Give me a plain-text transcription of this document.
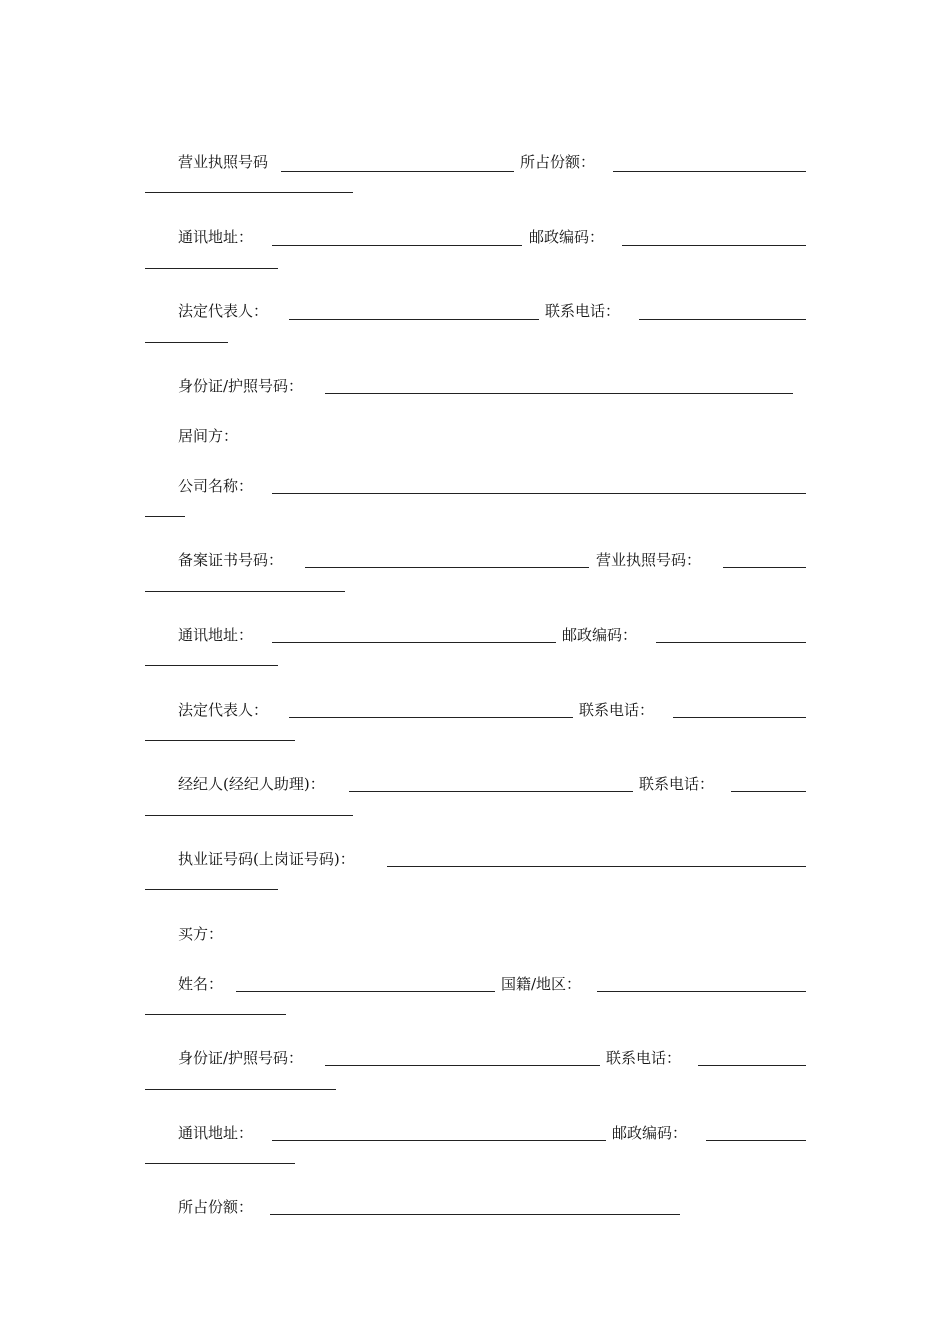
营业执照号码	所占份额：
通讯地址：	邮政编码：
法定代表人：	联系电话：
身份证/护照号码：
居间方：
公司名称：
备案证书号码：	营业执照号码：
通讯地址：	邮政编码：
法定代表人：	联系电话：
经纪人(经纪人助理)：	联系电话：
执业证号码(上岗证号码)：
买方：
姓名：	国籍/地区：
身份证/护照号码：	联系电话：
通讯地址：	邮政编码：
所占份额：
